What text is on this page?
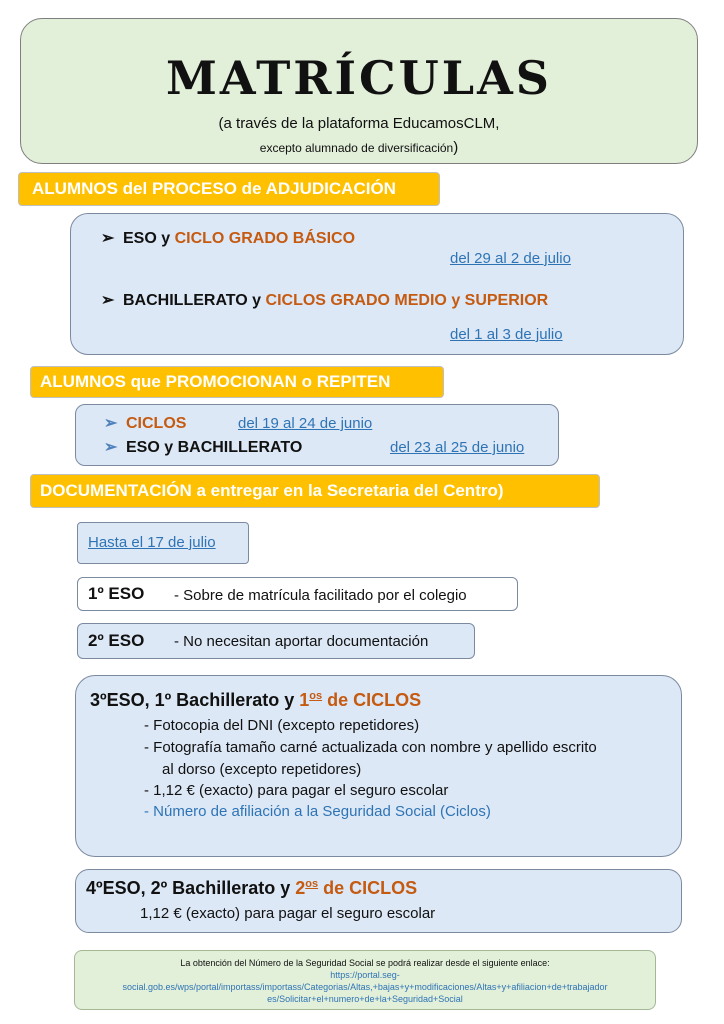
MATRÍCULAS
(a través de la plataforma EducamosCLM,
excepto alumnado de diversificación)
ALUMNOS del PROCESO de ADJUDICACIÓN
➢ ESO y CICLO GRADO BÁSICO
del 29 al 2 de julio
➢ BACHILLERATO y CICLOS GRADO MEDIO y SUPERIOR
del 1 al 3 de julio
ALUMNOS que PROMOCIONAN o REPITEN
➢ CICLOS	del 19 al 24 de junio
➢ ESO y BACHILLERATO	del 23 al 25 de junio
DOCUMENTACIÓN a entregar en la Secretaria del Centro)
Hasta el 17 de julio
1º ESO - Sobre de matrícula facilitado por el colegio
2º ESO - No necesitan aportar documentación
3ºESO, 1º Bachillerato y $1^{os}$ de CICLOS
- Fotocopia del DNI (excepto repetidores)
- Fotografía tamaño carné actualizada con nombre y apellido escrito
al dorso (excepto repetidores)
- 1,12 € (exacto) para pagar el seguro escolar
- Número de afiliación a la Seguridad Social (Ciclos)
4ºESO, 2º Bachillerato y $2^{os}$ de CICLOS
1,12 € (exacto) para pagar el seguro escolar
La obtención del Número de la Seguridad Social se podrá realizar desde el siguiente enlace:
https://portal.seg-
social.gob.es/wps/portal/importass/importass/Categorias/Altas,+bajas+y+modificaciones/Altas+y+afiliacion+de+trabajador
es/Solicitar+el+numero+de+la+Seguridad+Social
